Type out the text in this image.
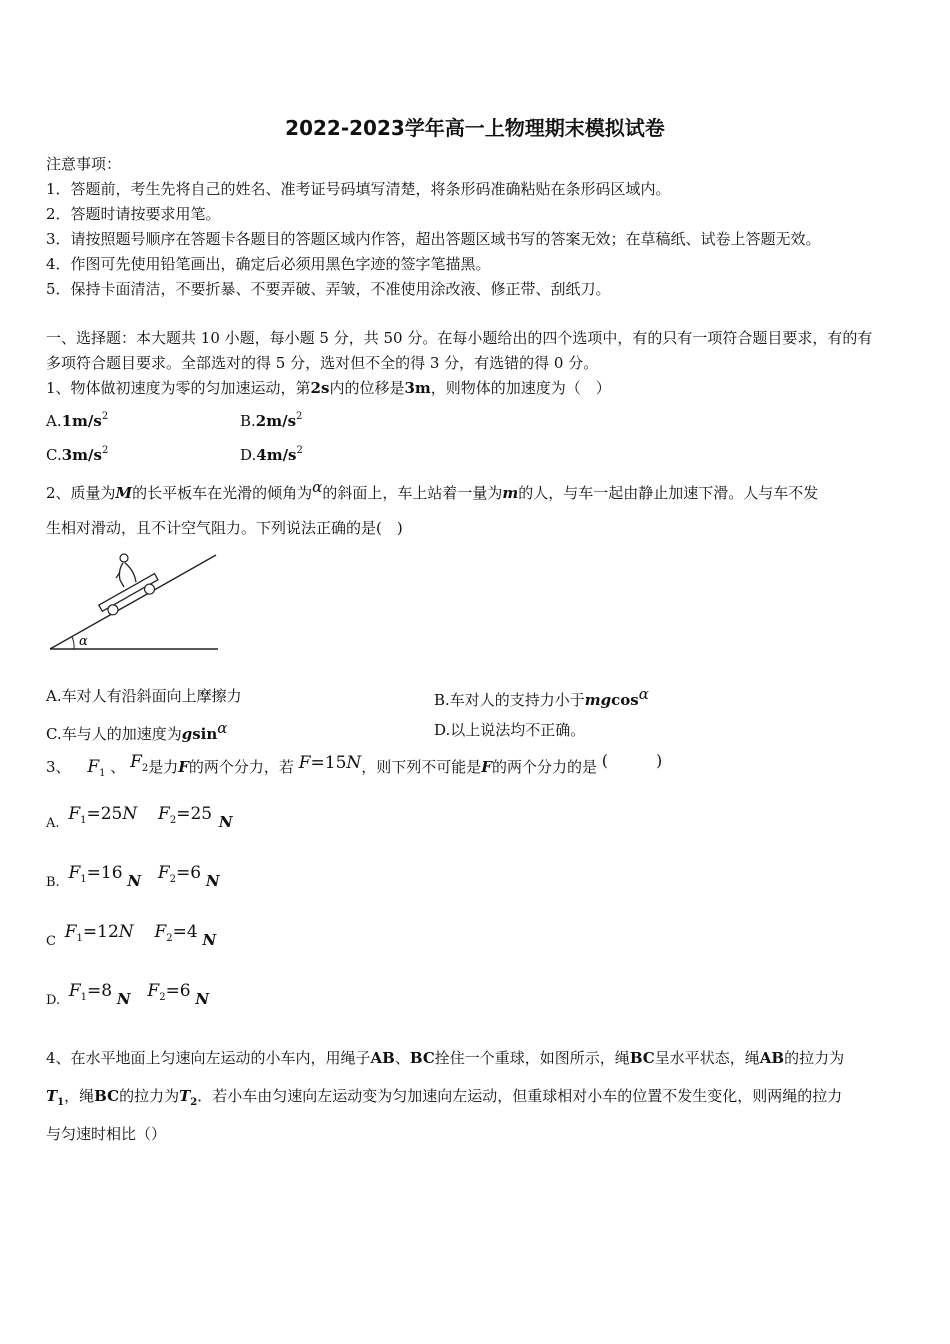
2022-2023学年高一上物理期末模拟试卷
注意事项：
1．答题前，考生先将自己的姓名、准考证号码填写清楚，将条形码准确粘贴在条形码区域内。
2．答题时请按要求用笔。
3．请按照题号顺序在答题卡各题目的答题区域内作答，超出答题区域书写的答案无效；在草稿纸、试卷上答题无效。
4．作图可先使用铅笔画出，确定后必须用黑色字迹的签字笔描黑。
5．保持卡面清洁，不要折暴、不要弄破、弄皱，不准使用涂改液、修正带、刮纸刀。
一、选择题：本大题共 10 小题，每小题 5 分，共 50 分。在每小题给出的四个选项中，有的只有一项符合题目要求，有的有
多项符合题目要求。全部选对的得 5 分，选对但不全的得 3 分，有选错的得 0 分。
1、物体做初速度为零的匀加速运动，第2s内的位移是3m，则物体的加速度为（　）
$A.1m/s^2$	$B.2m/s^2$
$C.3m/s^2$	$D.4m/s^2$
2、质量为M的长平板车在光滑的倾角为α的斜面上，车上站着一量为m的人，与车一起由静止加速下滑。人与车不发
生相对滑动，且不计空气阻力。下列说法正确的是(　)
α
A.车对人有沿斜面向上摩擦力	B.车对人的支持力小于mgcosα
C.车与人的加速度为gsinα	D.以上说法均不正确。
3、 $F_1$ 、 $F_2$是力F的两个分力，若 F=15N，则下列不可能是F的两个分力的是 (　　　)
A. $F^1=25N$ $F^2=25$ N
B. $F^1=16$ N $F^2=6$ N
C $F^1=12N$ $F^2=4$ N
D. $F^1=8$ N $F^2=6$ N
4、在水平地面上匀速向左运动的小车内，用绳子AB、BC拴住一个重球，如图所示，绳BC呈水平状态，绳AB的拉力为
$T_1$，绳BC的拉力为$T_2$．若小车由匀速向左运动变为匀加速向左运动，但重球相对小车的位置不发生变化，则两绳的拉力
与匀速时相比（）
